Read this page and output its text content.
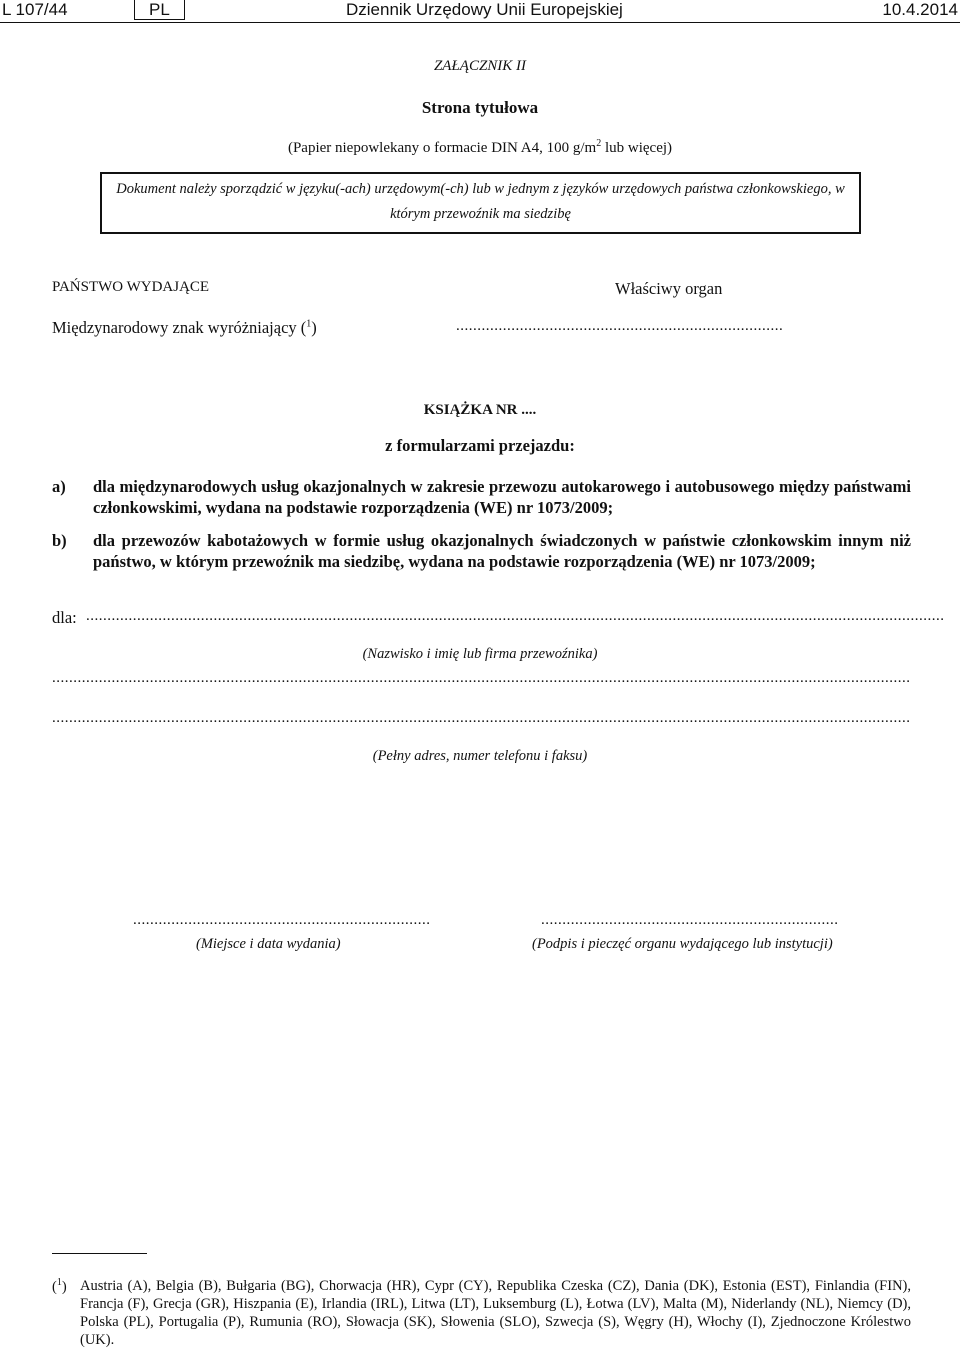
L 107/44	PL	Dziennik Urzędowy Unii Europejskiej	10.4.2014
ZAŁĄCZNIK II
Strona tytułowa
(Papier niepowlekany o formacie DIN A4, 100 $g/m^2$ lub więcej)
Dokument należy sporządzić w języku(-ach) urzędowym(-ch) lub w jednym z języków urzędowych państwa członkowskiego, w którym przewoźnik ma siedzibę
PAŃSTWO WYDAJĄCE	Właściwy organ
Międzynarodowy znak wyróżniający ($^1$)	.............................................................................
KSIĄŻKA NR ....
z formularzami przejazdu:
a) dla międzynarodowych usług okazjonalnych w zakresie przewozu autokarowego i autobusowego między państwami członkowskimi, wydana na podstawie rozporządzenia (WE) nr 1073/2009;
b) dla przewozów kabotażowych w formie usług okazjonalnych świadczonych w państwie członkowskim innym niż państwo, w którym przewoźnik ma siedzibę, wydana na podstawie rozporządzenia (WE) nr 1073/2009;
dla: ..........................................................................................................................................................................................................
(Nazwisko i imię lub firma przewoźnika)
..........................................................................................................................................................................................................
..........................................................................................................................................................................................................
(Pełny adres, numer telefonu i faksu)
......................................................................	......................................................................
(Miejsce i data wydania)	(Podpis i pieczęć organu wydającego lub instytucji)
($^1$) Austria (A), Belgia (B), Bułgaria (BG), Chorwacja (HR), Cypr (CY), Republika Czeska (CZ), Dania (DK), Estonia (EST), Finlandia (FIN), Francja (F), Grecja (GR), Hiszpania (E), Irlandia (IRL), Litwa (LT), Luksemburg (L), Łotwa (LV), Malta (M), Niderlandy (NL), Niemcy (D), Polska (PL), Portugalia (P), Rumunia (RO), Słowacja (SK), Słowenia (SLO), Szwecja (S), Węgry (H), Włochy (I), Zjednoczone Królestwo (UK).
